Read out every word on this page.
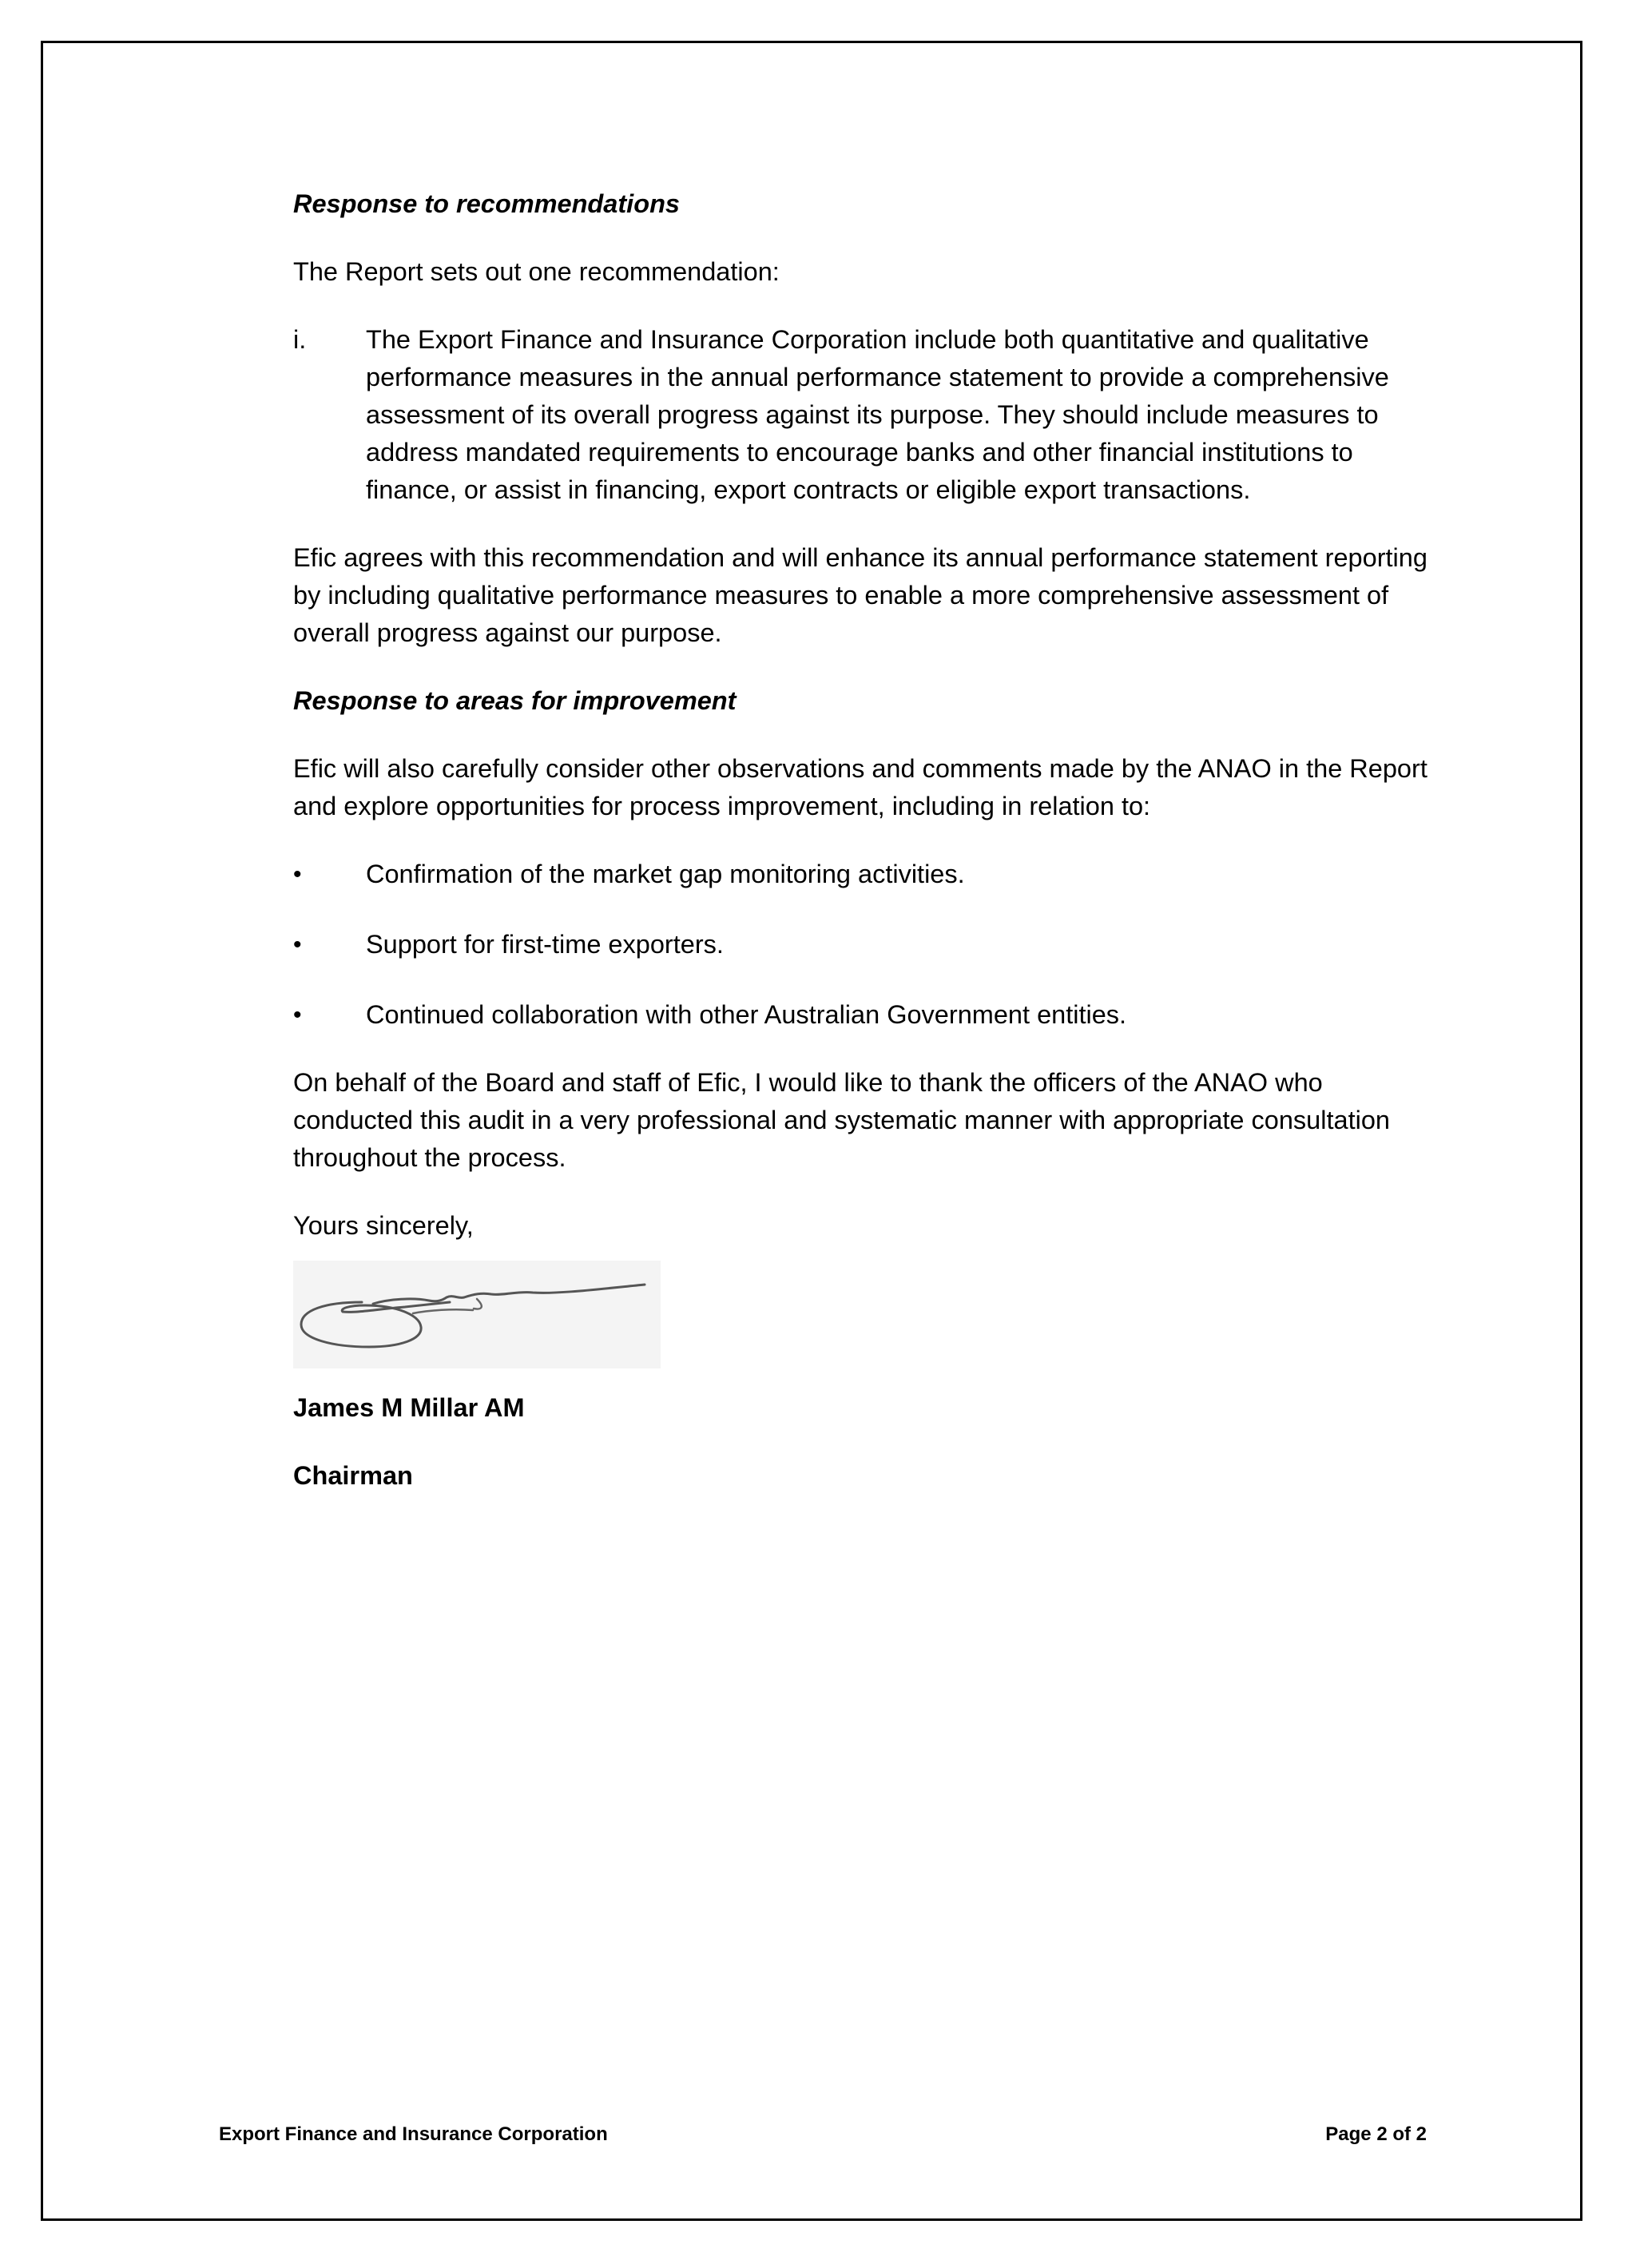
Response to recommendations
The Report sets out one recommendation:
i.	The Export Finance and Insurance Corporation include both quantitative and qualitative performance measures in the annual performance statement to provide a comprehensive assessment of its overall progress against its purpose. They should include measures to address mandated requirements to encourage banks and other financial institutions to finance, or assist in financing, export contracts or eligible export transactions.
Efic agrees with this recommendation and will enhance its annual performance statement reporting by including qualitative performance measures to enable a more comprehensive assessment of overall progress against our purpose.
Response to areas for improvement
Efic will also carefully consider other observations and comments made by the ANAO in the Report and explore opportunities for process improvement, including in relation to:
•	Confirmation of the market gap monitoring activities.
•	Support for first-time exporters.
•	Continued collaboration with other Australian Government entities.
On behalf of the Board and staff of Efic, I would like to thank the officers of the ANAO who conducted this audit in a very professional and systematic manner with appropriate consultation throughout the process.
Yours sincerely,
James M Millar AM
Chairman
Export Finance and Insurance Corporation	Page 2 of 2
